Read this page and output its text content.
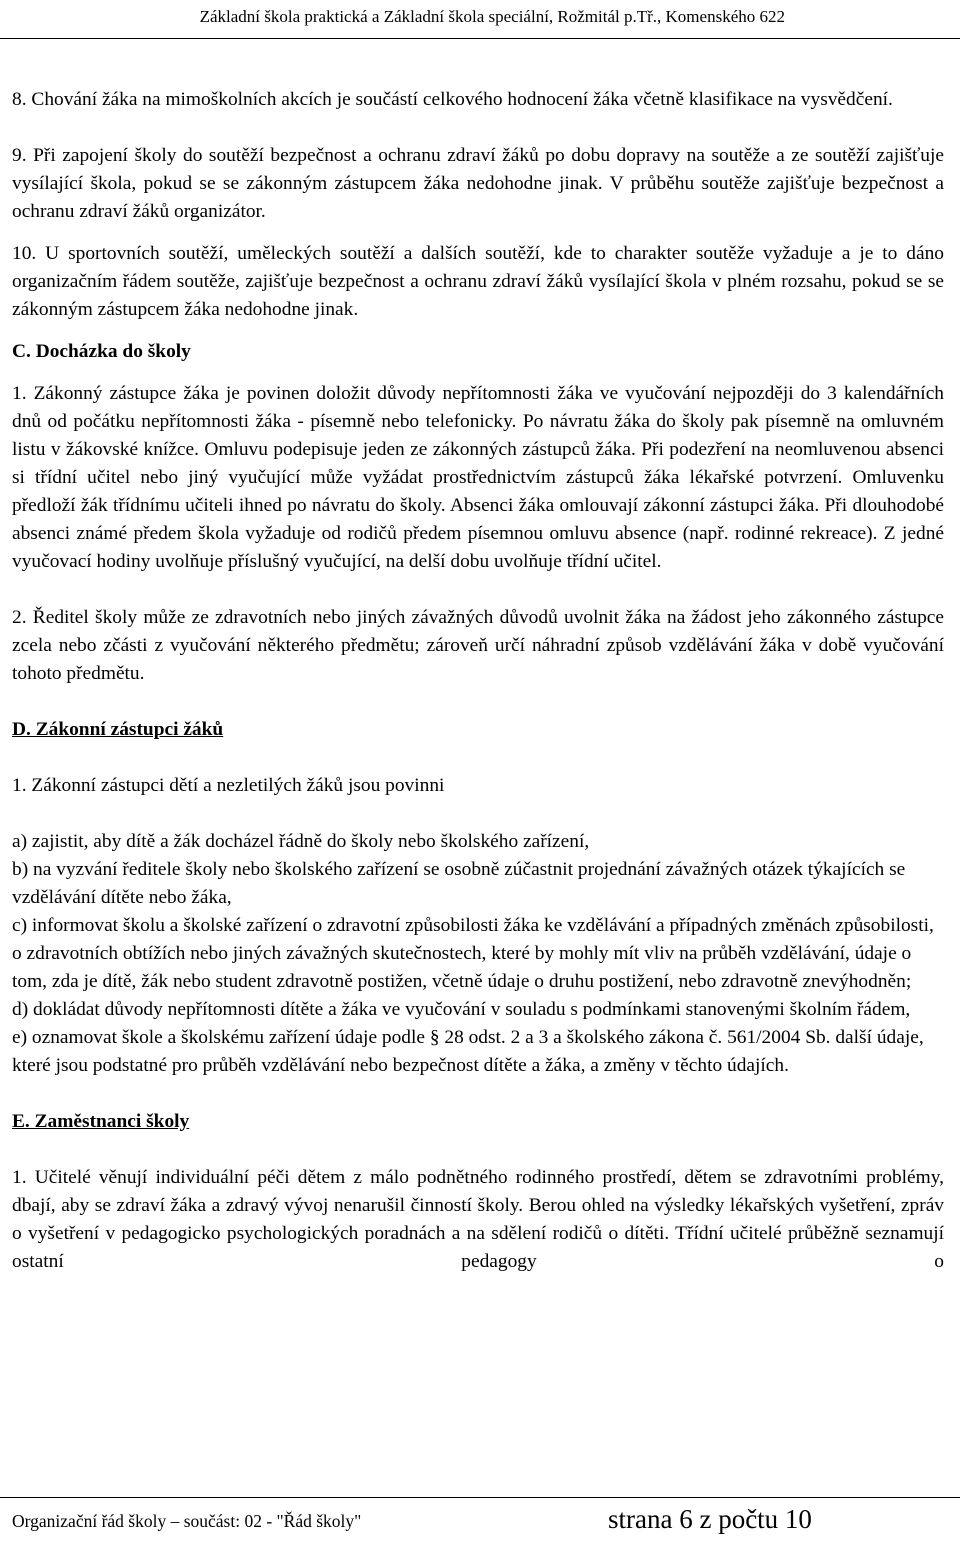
Základní škola praktická a Základní škola speciální, Rožmitál p.Tř., Komenského 622

8. Chování žáka na mimoškolních akcích je součástí celkového hodnocení žáka včetně klasifikace na vysvědčení.

9. Při zapojení školy do soutěží bezpečnost a ochranu zdraví žáků po dobu dopravy na soutěže a ze soutěží zajišťuje vysílající škola, pokud se se zákonným zástupcem žáka nedohodne jinak. V průběhu soutěže zajišťuje bezpečnost a ochranu zdraví žáků organizátor.

10. U sportovních soutěží, uměleckých soutěží a dalších soutěží, kde to charakter soutěže vyžaduje a je to dáno organizačním řádem soutěže, zajišťuje bezpečnost a ochranu zdraví žáků vysílající škola v plném rozsahu, pokud se se zákonným zástupcem žáka nedohodne jinak.

C. Docházka do školy

1. Zákonný zástupce žáka je povinen doložit důvody nepřítomnosti žáka ve vyučování nejpozději do 3 kalendářních dnů od počátku nepřítomnosti žáka - písemně nebo telefonicky. Po návratu žáka do školy pak písemně na omluvném listu v žákovské knížce. Omluvu podepisuje jeden ze zákonných zástupců žáka. Při podezření na neomluvenou absenci si třídní učitel nebo jiný vyučující může vyžádat prostřednictvím zástupců žáka lékařské potvrzení. Omluvenku předloží žák třídnímu učiteli ihned po návratu do školy. Absenci žáka omlouvají zákonní zástupci žáka. Při dlouhodobé absenci známé předem škola vyžaduje od rodičů předem písemnou omluvu absence (např. rodinné rekreace). Z jedné vyučovací hodiny uvolňuje příslušný vyučující, na delší dobu uvolňuje třídní učitel.

2. Ředitel školy může ze zdravotních nebo jiných závažných důvodů uvolnit žáka na žádost jeho zákonného zástupce zcela nebo zčásti z vyučování některého předmětu; zároveň určí náhradní způsob vzdělávání žáka v době vyučování tohoto předmětu.

D. Zákonní zástupci žáků

1. Zákonní zástupci dětí a nezletilých žáků jsou povinni

a) zajistit, aby dítě a žák docházel řádně do školy nebo školského zařízení,

b) na vyzvání ředitele školy nebo školského zařízení se osobně zúčastnit projednání závažných otázek týkajících se vzdělávání dítěte nebo žáka,

c) informovat školu a školské zařízení o zdravotní způsobilosti žáka ke vzdělávání a případných změnách způsobilosti, o zdravotních obtížích nebo jiných závažných skutečnostech, které by mohly mít vliv na průběh vzdělávání, údaje o tom, zda je dítě, žák nebo student zdravotně postižen, včetně údaje o druhu postižení, nebo zdravotně znevýhodněn;

d) dokládat důvody nepřítomnosti dítěte a žáka ve vyučování v souladu s podmínkami stanovenými školním řádem,

e) oznamovat škole a školskému zařízení údaje podle § 28 odst. 2 a 3 a školského zákona č. 561/2004 Sb. další údaje, které jsou podstatné pro průběh vzdělávání nebo bezpečnost dítěte a žáka, a změny v těchto údajích.

E. Zaměstnanci školy

1. Učitelé věnují individuální péči dětem z málo podnětného rodinného prostředí, dětem se zdravotními problémy, dbají, aby se zdraví žáka a zdravý vývoj nenarušil činností školy. Berou ohled na výsledky lékařských vyšetření, zpráv o vyšetření v pedagogicko psychologických poradnách a na sdělení rodičů o dítěti. Třídní učitelé průběžně seznamují ostatní pedagogy o

Organizační řád školy – součást: 02 - "Řád školy"	strana 6 z počtu 10
